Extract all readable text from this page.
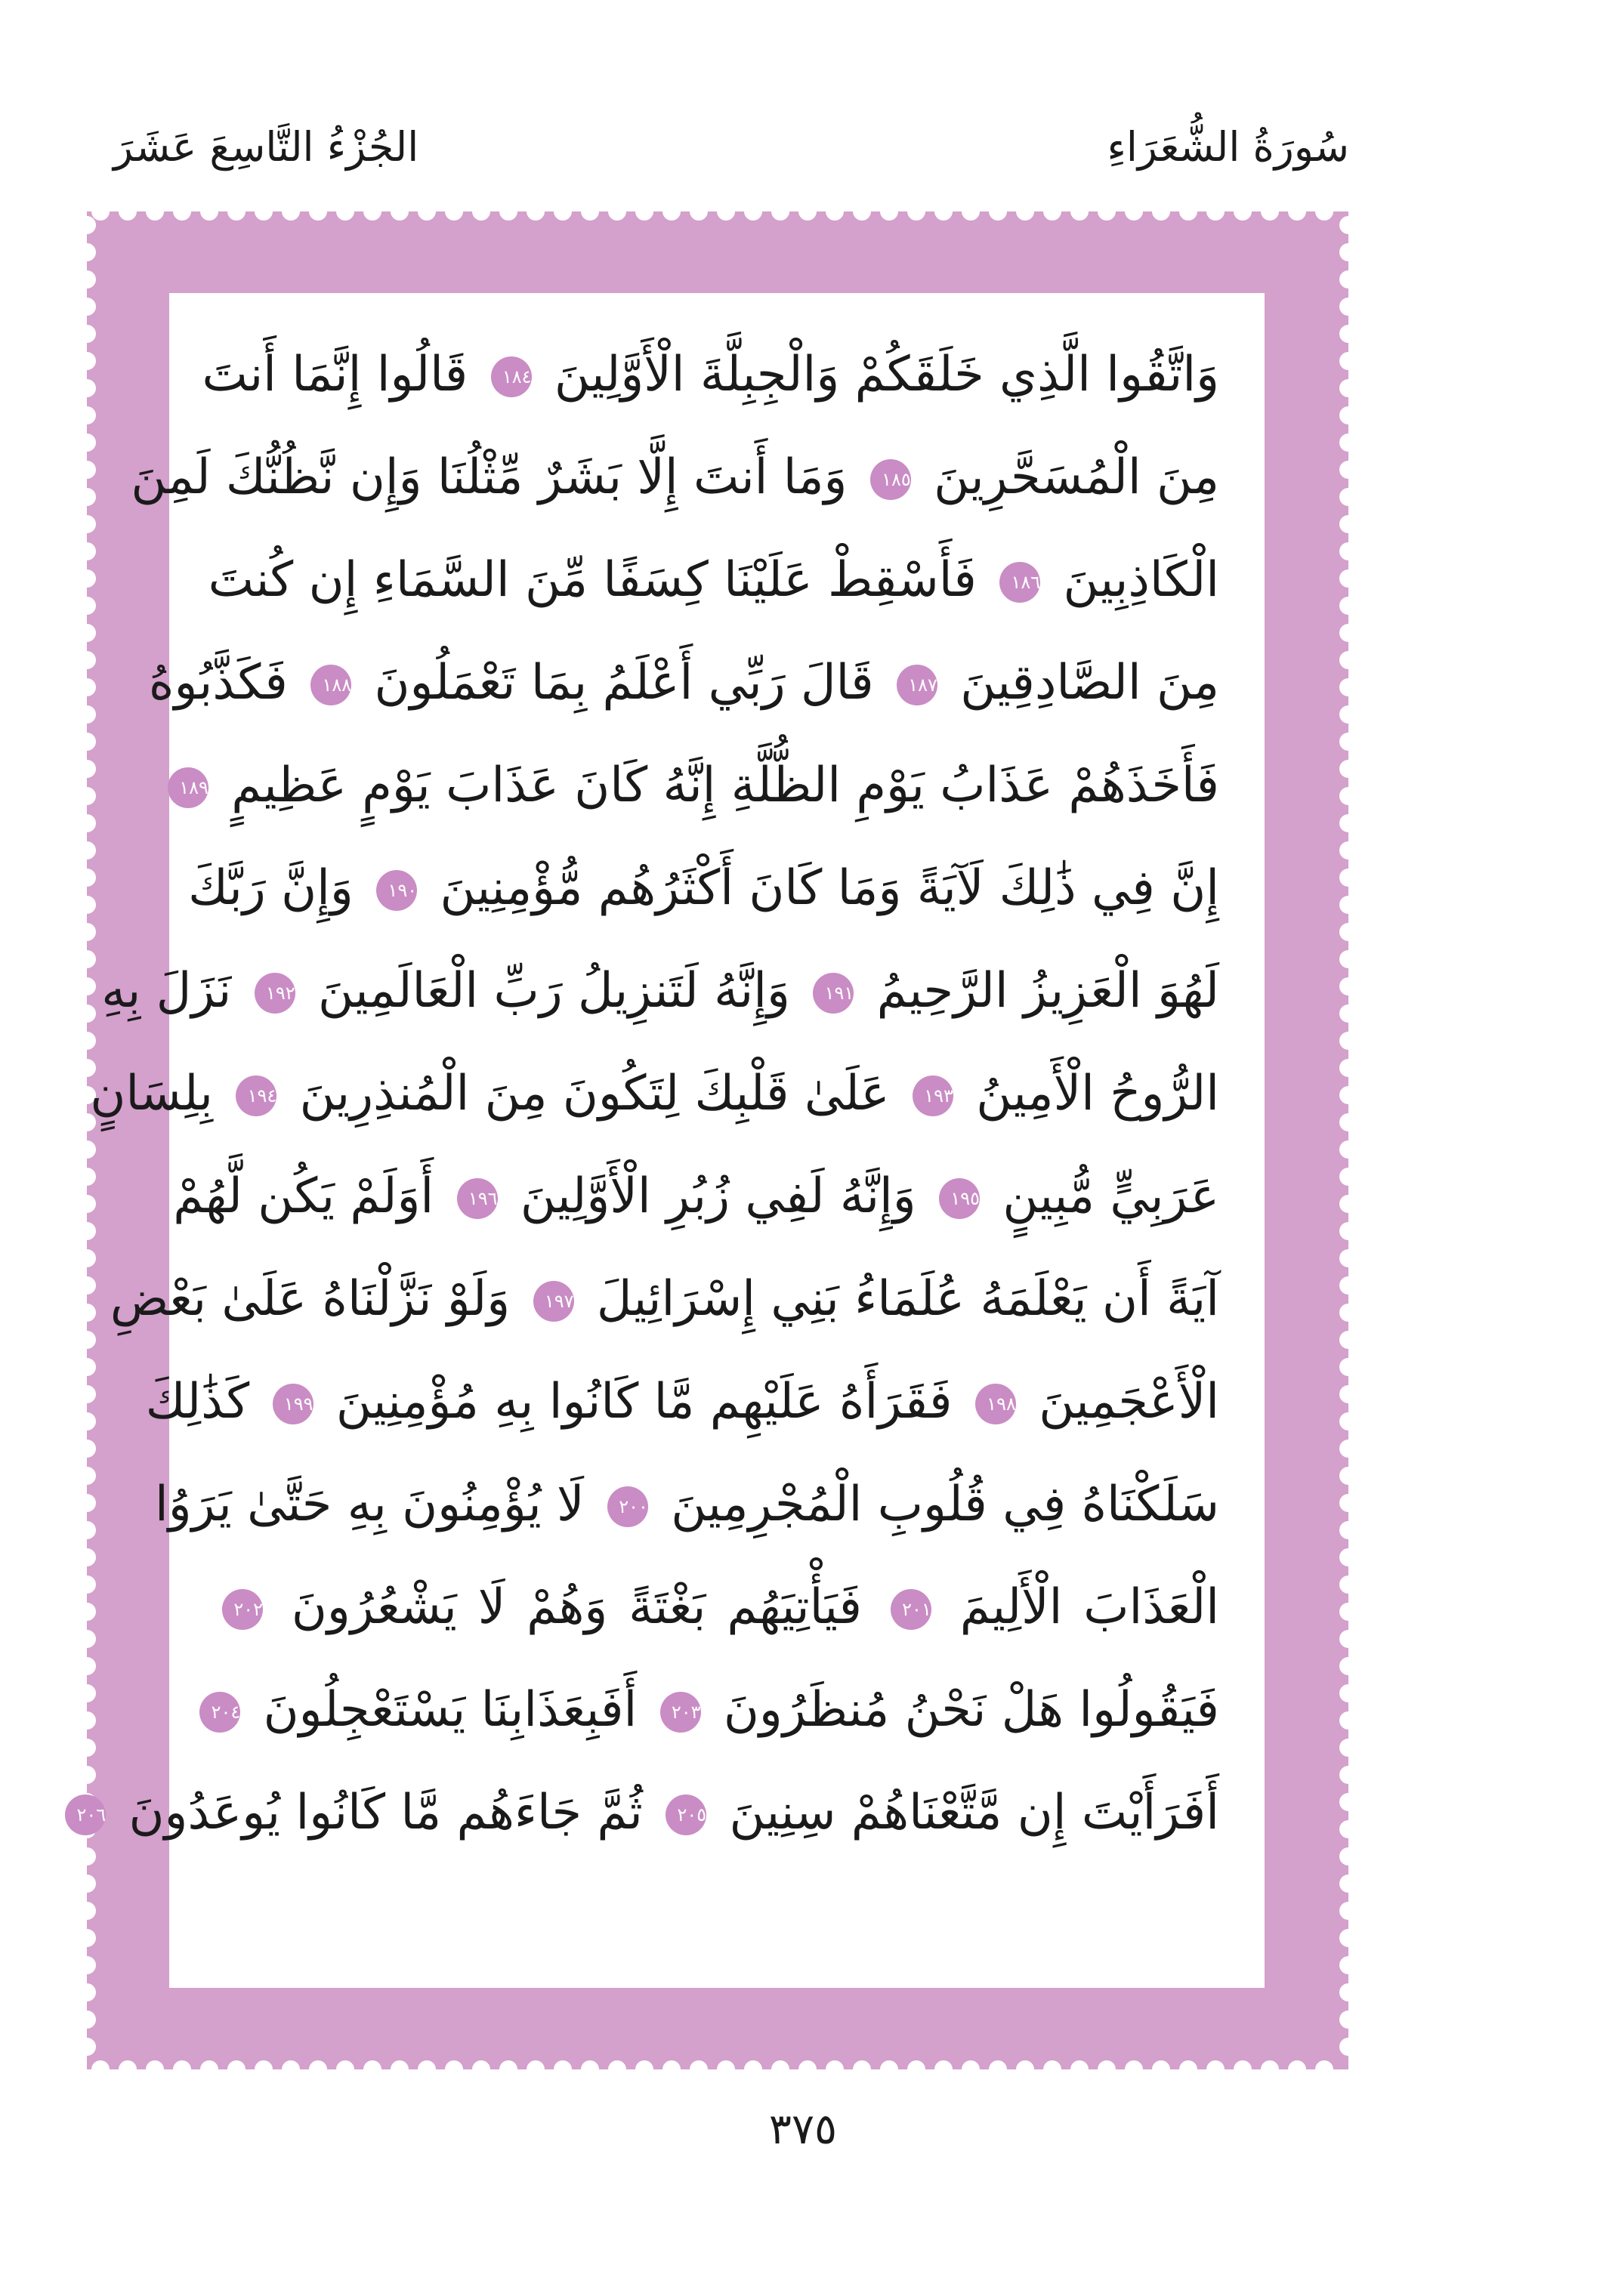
سُورَةُ الشُّعَرَاءِ
الجُزْءُ التَّاسِعَ عَشَرَ
وَاتَّقُوا الَّذِي خَلَقَكُمْ وَالْجِبِلَّةَ الْأَوَّلِينَ ١٨٤ قَالُوا إِنَّمَا أَنتَ
مِنَ الْمُسَحَّرِينَ ١٨٥ وَمَا أَنتَ إِلَّا بَشَرٌ مِّثْلُنَا وَإِن نَّظُنُّكَ لَمِنَ
الْكَاذِبِينَ ١٨٦ فَأَسْقِطْ عَلَيْنَا كِسَفًا مِّنَ السَّمَاءِ إِن كُنتَ
مِنَ الصَّادِقِينَ ١٨٧ قَالَ رَبِّي أَعْلَمُ بِمَا تَعْمَلُونَ ١٨٨ فَكَذَّبُوهُ
فَأَخَذَهُمْ عَذَابُ يَوْمِ الظُّلَّةِ إِنَّهُ كَانَ عَذَابَ يَوْمٍ عَظِيمٍ ١٨٩
إِنَّ فِي ذَٰلِكَ لَآيَةً وَمَا كَانَ أَكْثَرُهُم مُّؤْمِنِينَ ١٩٠ وَإِنَّ رَبَّكَ
لَهُوَ الْعَزِيزُ الرَّحِيمُ ١٩١ وَإِنَّهُ لَتَنزِيلُ رَبِّ الْعَالَمِينَ ١٩٢ نَزَلَ بِهِ
الرُّوحُ الْأَمِينُ ١٩٣ عَلَىٰ قَلْبِكَ لِتَكُونَ مِنَ الْمُنذِرِينَ ١٩٤ بِلِسَانٍ
عَرَبِيٍّ مُّبِينٍ ١٩٥ وَإِنَّهُ لَفِي زُبُرِ الْأَوَّلِينَ ١٩٦ أَوَلَمْ يَكُن لَّهُمْ
آيَةً أَن يَعْلَمَهُ عُلَمَاءُ بَنِي إِسْرَائِيلَ ١٩٧ وَلَوْ نَزَّلْنَاهُ عَلَىٰ بَعْضِ
الْأَعْجَمِينَ ١٩٨ فَقَرَأَهُ عَلَيْهِم مَّا كَانُوا بِهِ مُؤْمِنِينَ ١٩٩ كَذَٰلِكَ
سَلَكْنَاهُ فِي قُلُوبِ الْمُجْرِمِينَ ٢٠٠ لَا يُؤْمِنُونَ بِهِ حَتَّىٰ يَرَوُا
الْعَذَابَ الْأَلِيمَ ٢٠١ فَيَأْتِيَهُم بَغْتَةً وَهُمْ لَا يَشْعُرُونَ ٢٠٢
فَيَقُولُوا هَلْ نَحْنُ مُنظَرُونَ ٢٠٣ أَفَبِعَذَابِنَا يَسْتَعْجِلُونَ ٢٠٤
أَفَرَأَيْتَ إِن مَّتَّعْنَاهُمْ سِنِينَ ٢٠٥ ثُمَّ جَاءَهُم مَّا كَانُوا يُوعَدُونَ ٢٠٦
٣٧٥
